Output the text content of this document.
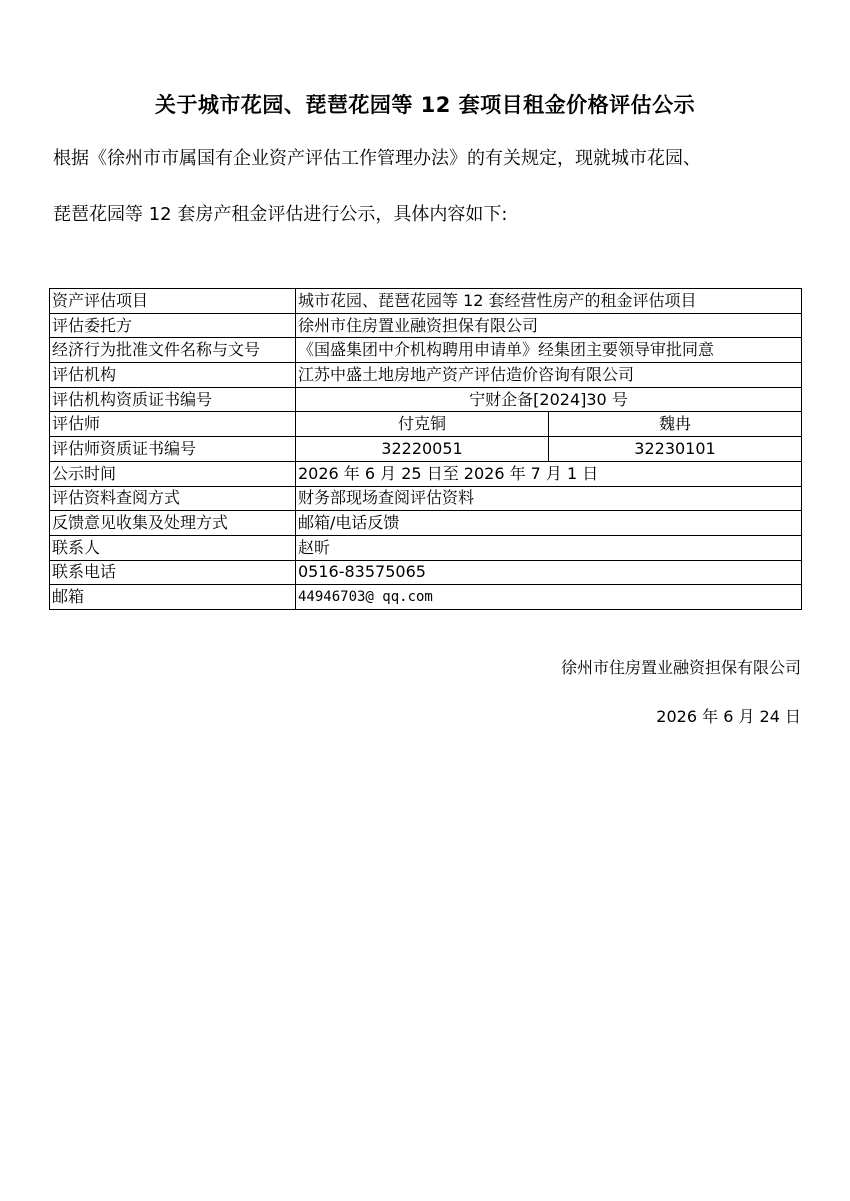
关于城市花园、琵琶花园等 12 套项目租金价格评估公示
根据《徐州市市属国有企业资产评估工作管理办法》的有关规定，现就城市花园、
琵琶花园等 12 套房产租金评估进行公示，具体内容如下:
资产评估项目	城市花园、琵琶花园等 12 套经营性房产的租金评估项目	
评估委托方	徐州市住房置业融资担保有限公司	
经济行为批准文件名称与文号	《国盛集团中介机构聘用申请单》经集团主要领导审批同意	
评估机构	江苏中盛土地房地产资产评估造价咨询有限公司	
评估机构资质证书编号	宁财企备[2024]30 号	
评估师	付克铜	魏冉
评估师资质证书编号	32220051	32230101
公示时间	2026 年 6 月 25 日至 2026 年 7 月 1 日	
评估资料查阅方式	财务部现场查阅评估资料	
反馈意见收集及处理方式	邮箱/电话反馈	
联系人	赵昕	
联系电话	0516-83575065	
邮箱	44946703@ qq.com	
徐州市住房置业融资担保有限公司
2026 年 6 月 24 日
